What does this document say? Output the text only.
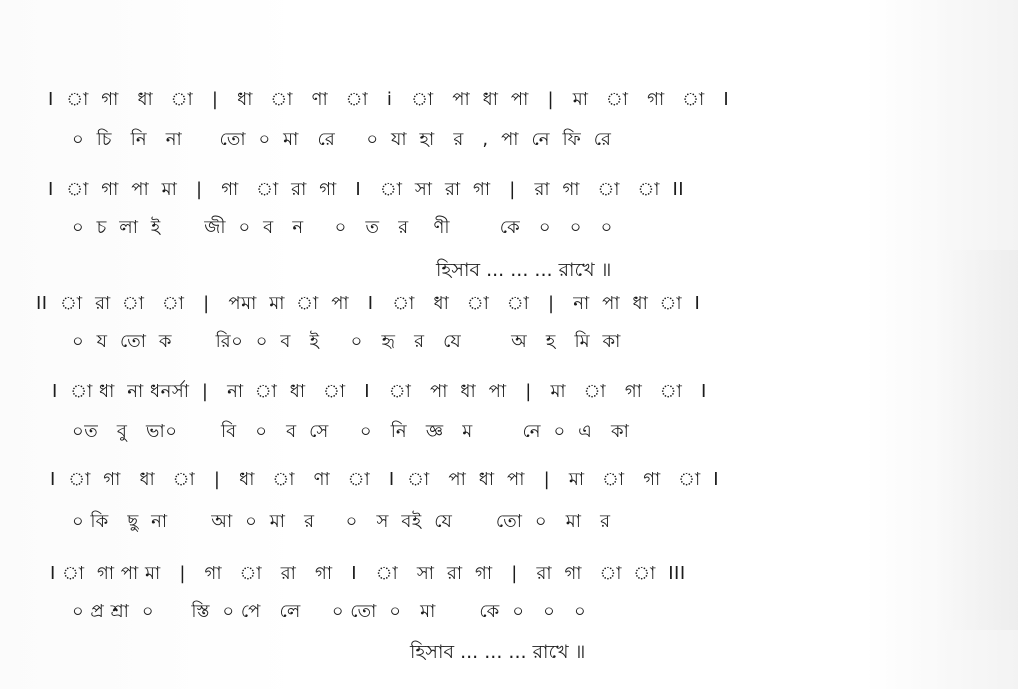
I  া  গা   ধা   া   |   ধা   া   ণা   া   i   া   পা  ধা  পা   |   মা   া   গা   া   I
০  চি   নি   না      তো  ০  মা   রে     ০  যা  হা   র   ,  পা  নে  ফি  রে
I  া  গা  পা  মা   |   গা   া  রা  গা   I   া  সা  রা  গা   |   রা  গা   া   া  II
০  চ  লা  ই       জী  ০  ব   ন     ০   ত   র    ণী        কে   ০   ০   ০
হিসাব ... ... ... রাখে ॥
II  া  রা  া   া   |   পমা  মা  া  পা   I   া   ধা   া   া   |   না  পা  ধা  া  I
০  য  তো  ক       রি০  ০  ব   ই     ০   হৃ   র   যে        অ   হ   মি  কা
I  া ধা  না ধনর্সা  |   না  া  ধা   া   I   া   পা  ধা  পা   |   মা   া   গা   া   I
০ত   বু   ভা০       বি   ০   ব  সে     ০   নি   জ্ঞ   ম        নে  ০  এ   কা
I  া  গা   ধা   া   |   ধা   া   ণা   া   I  া   পা  ধা  পা   |   মা   া   গা   া  I
০ কি   ছু  না       আ  ০  মা   র     ০   স  বই  যে       তো  ০   মা   র
I া  গা পা মা   |   গা   া   রা   গা   I   া   সা  রা  গা   |   রা  গা   া  া  III
০ প্র শ্রা  ০      স্তি  ০ পে   লে     ০ তো  ০   মা       কে  ০   ০   ০
হিসাব ... ... ... রাখে ॥
